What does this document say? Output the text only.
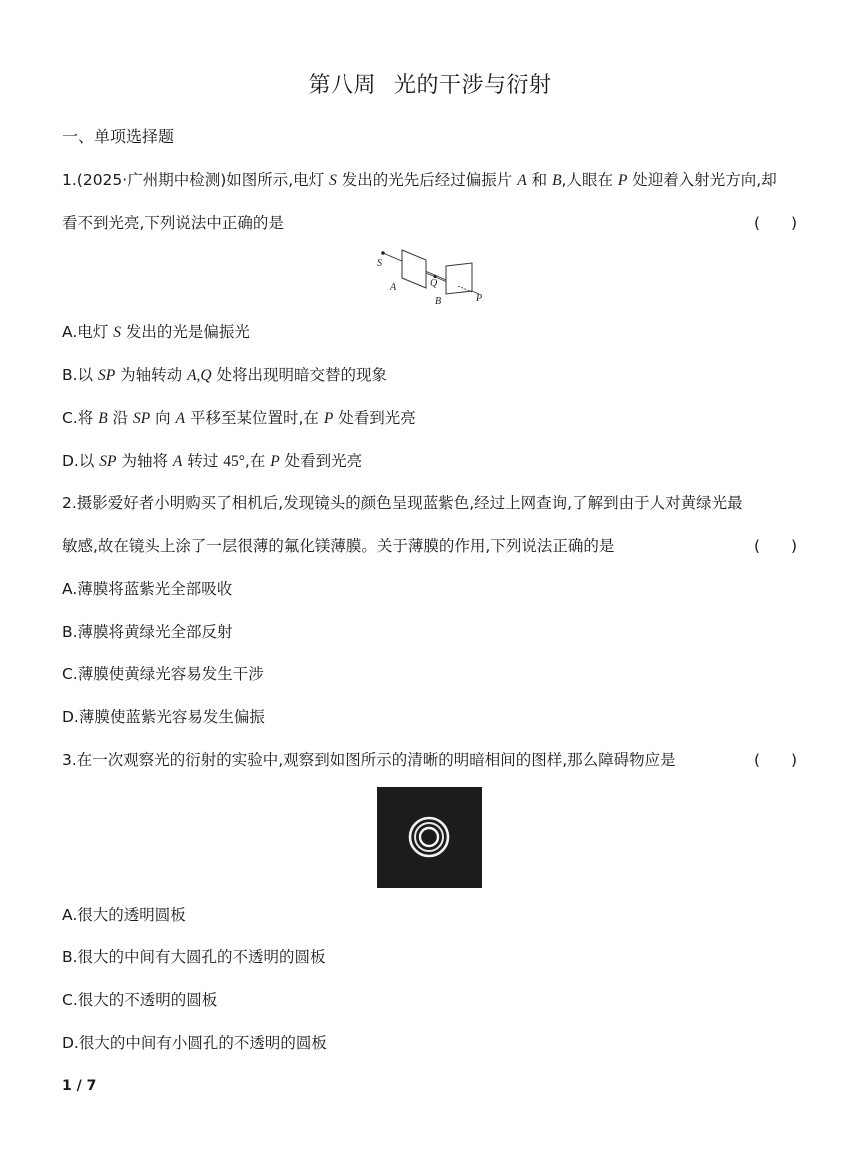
第八周 光的干涉与衍射
一、单项选择题
1.(2025·广州期中检测)如图所示,电灯 S 发出的光先后经过偏振片 A 和 B,人眼在 P 处迎着入射光方向,却
看不到光亮,下列说法中正确的是	(　　)
S
A	Q
B	P
A.电灯 S 发出的光是偏振光
B.以 SP 为轴转动 A,Q 处将出现明暗交替的现象
C.将 B 沿 SP 向 A 平移至某位置时,在 P 处看到光亮
D.以 SP 为轴将 A 转过 45°,在 P 处看到光亮
2.摄影爱好者小明购买了相机后,发现镜头的颜色呈现蓝紫色,经过上网查询,了解到由于人对黄绿光最
敏感,故在镜头上涂了一层很薄的氟化镁薄膜。关于薄膜的作用,下列说法正确的是	(　　)
A.薄膜将蓝紫光全部吸收
B.薄膜将黄绿光全部反射
C.薄膜使黄绿光容易发生干涉
D.薄膜使蓝紫光容易发生偏振
3.在一次观察光的衍射的实验中,观察到如图所示的清晰的明暗相间的图样,那么障碍物应是	(　　)
A.很大的透明圆板
B.很大的中间有大圆孔的不透明的圆板
C.很大的不透明的圆板
D.很大的中间有小圆孔的不透明的圆板
1 / 7
